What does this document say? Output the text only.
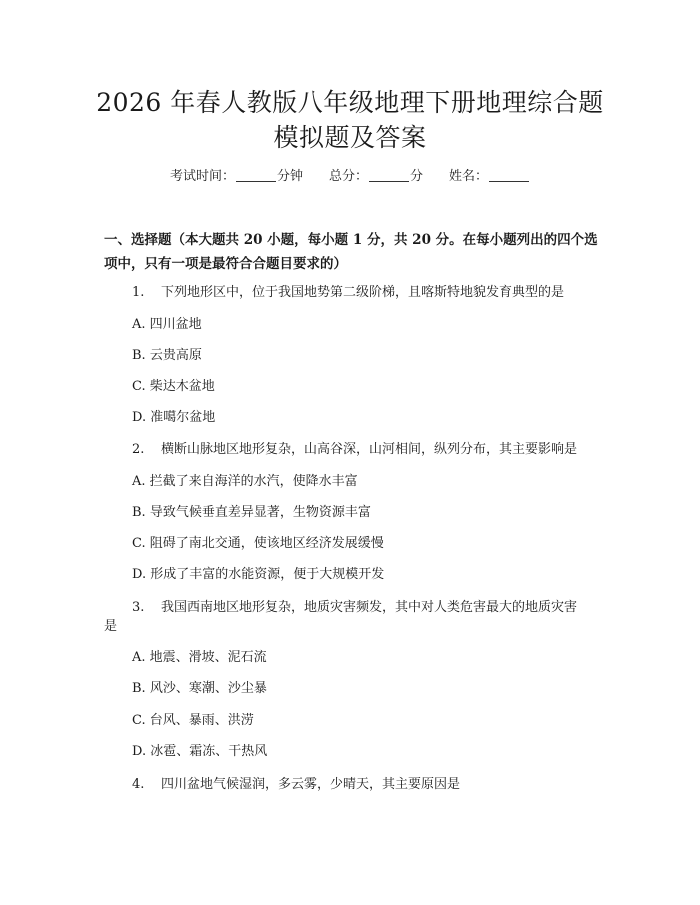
2026 年春人教版八年级地理下册地理综合题
模拟题及答案
考试时间：	分钟 总分：	分 姓名：
一、选择题（本大题共 20 小题，每小题 1 分，共 20 分。在每小题列出的四个选
项中，只有一项是最符合合题目要求的）
1. 下列地形区中，位于我国地势第二级阶梯，且喀斯特地貌发育典型的是
A. 四川盆地
B. 云贵高原
C. 柴达木盆地
D. 准噶尔盆地
2. 横断山脉地区地形复杂，山高谷深，山河相间，纵列分布，其主要影响是
A. 拦截了来自海洋的水汽，使降水丰富
B. 导致气候垂直差异显著，生物资源丰富
C. 阻碍了南北交通，使该地区经济发展缓慢
D. 形成了丰富的水能资源，便于大规模开发
3. 我国西南地区地形复杂，地质灾害频发，其中对人类危害最大的地质灾害
是
A. 地震、滑坡、泥石流
B. 风沙、寒潮、沙尘暴
C. 台风、暴雨、洪涝
D. 冰雹、霜冻、干热风
4. 四川盆地气候湿润，多云雾，少晴天，其主要原因是
